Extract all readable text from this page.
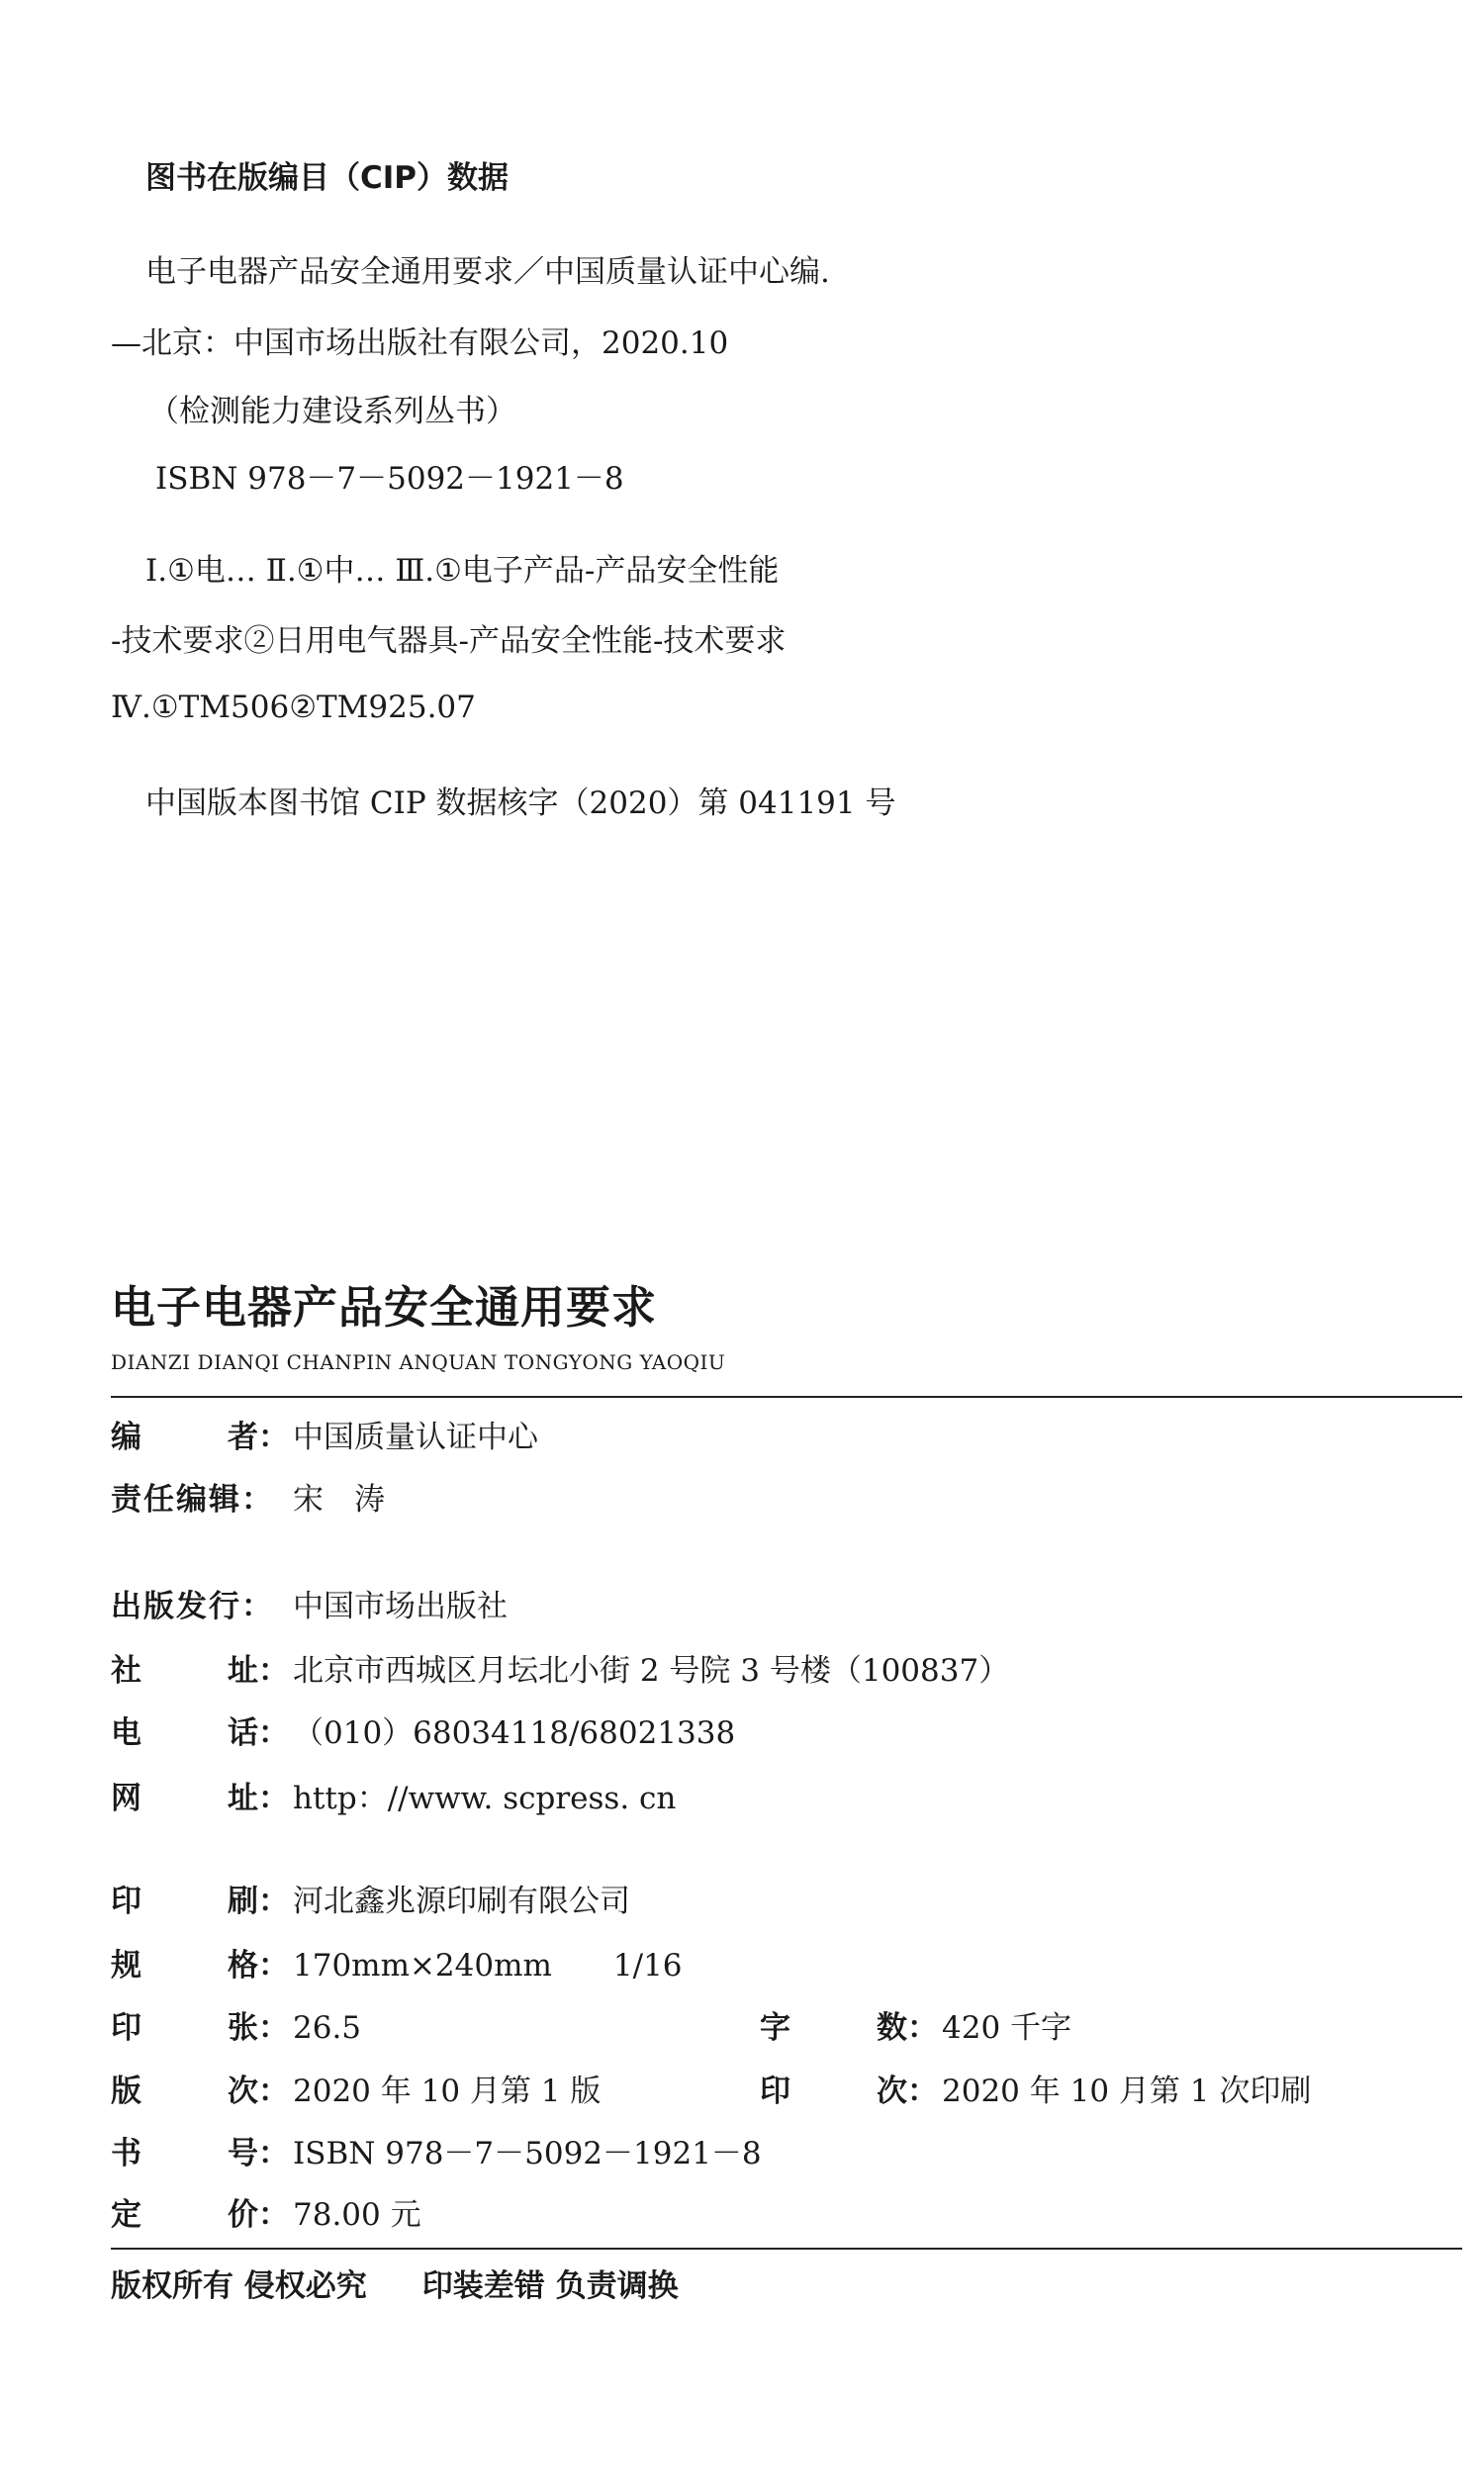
图书在版编目（CIP）数据
电子电器产品安全通用要求／中国质量认证中心编.
—北京：中国市场出版社有限公司，2020.10
（检测能力建设系列丛书）
ISBN 978－7－5092－1921－8
Ⅰ.①电… Ⅱ.①中… Ⅲ.①电子产品-产品安全性能
-技术要求②日用电气器具-产品安全性能-技术要求
Ⅳ.①TM506②TM925.07
中国版本图书馆 CIP 数据核字（2020）第 041191 号
电子电器产品安全通用要求
DIANZI DIANQI CHANPIN ANQUAN TONGYONG YAOQIU
编	者： 中国质量认证中心
责任编辑： 宋　涛
出版发行： 中国市场出版社
社	址： 北京市西城区月坛北小街 2 号院 3 号楼（100837）
电	话： （010）68034118/68021338
网	址： http：//www. scpress. cn
印	刷： 河北鑫兆源印刷有限公司
规	格： 170mm×240mm　　1/16
印	张： 26.5	字	数： 420 千字
版	次： 2020 年 10 月第 1 版	印	次： 2020 年 10 月第 1 次印刷
书	号： ISBN 978－7－5092－1921－8
定	价： 78.00 元
版权所有 侵权必究 印装差错 负责调换
